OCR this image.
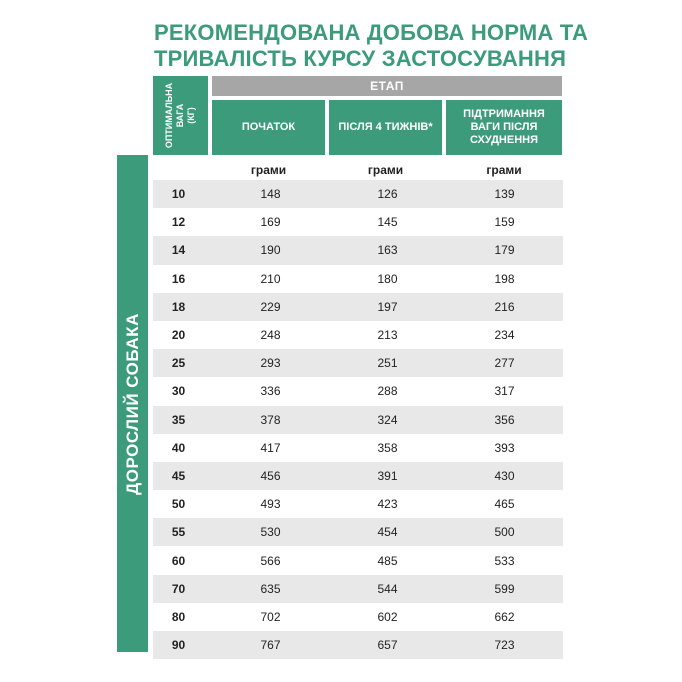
РЕКОМЕНДОВАНА ДОБОВА НОРМА ТА
ТРИВАЛІСТЬ КУРСУ ЗАСТОСУВАННЯ
ОПТИМАЛЬНА
ВАГА
(КГ)
ЕТАП
ПОЧАТОК	ПІСЛЯ 4 ТИЖНІВ*
ПІДТРИМАННЯ
ВАГИ ПІСЛЯ
СХУДНЕННЯ
ДОРОСЛИЙ СОБАКА
грами	грами	грами
10	148	126	139
12	169	145	159
14	190	163	179
16	210	180	198
18	229	197	216
20	248	213	234
25	293	251	277
30	336	288	317
35	378	324	356
40	417	358	393
45	456	391	430
50	493	423	465
55	530	454	500
60	566	485	533
70	635	544	599
80	702	602	662
90	767	657	723
